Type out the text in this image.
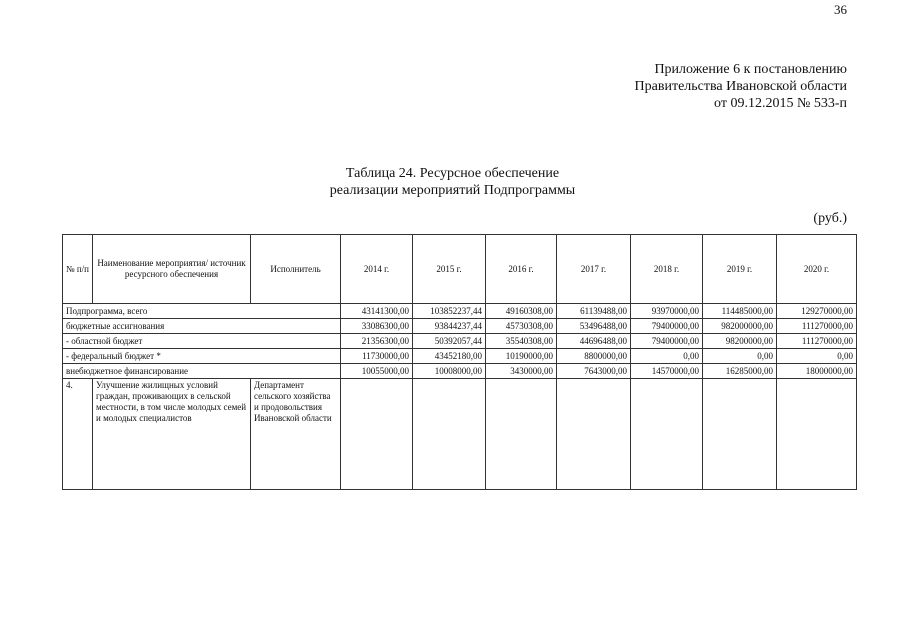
36
Приложение 6 к постановлению
Правительства Ивановской области
от 09.12.2015 № 533-п
Таблица 24. Ресурсное обеспечение
реализации мероприятий Подпрограммы
(руб.)
№ п/п	Наименование мероприятия/ источник ресурсного обеспечения	Исполнитель	2014 г.	2015 г.	2016 г.	2017 г.	2018 г.	2019 г.	2020 г.
Подпрограмма, всего			43141300,00	103852237,44	49160308,00	61139488,00	93970000,00	114485000,00	129270000,00
бюджетные ассигнования			33086300,00	93844237,44	45730308,00	53496488,00	79400000,00	982000000,00	111270000,00
- областной бюджет			21356300,00	50392057,44	35540308,00	44696488,00	79400000,00	98200000,00	111270000,00
- федеральный бюджет *			11730000,00	43452180,00	10190000,00	8800000,00	0,00	0,00	0,00
внебюджетное финансирование			10055000,00	10008000,00	3430000,00	7643000,00	14570000,00	16285000,00	18000000,00
4.	Улучшение жилищных условий граждан, проживающих в сельской местности, в том числе молодых семей и молодых специалистов	Департамент сельского хозяйства и продовольствия Ивановской области							
